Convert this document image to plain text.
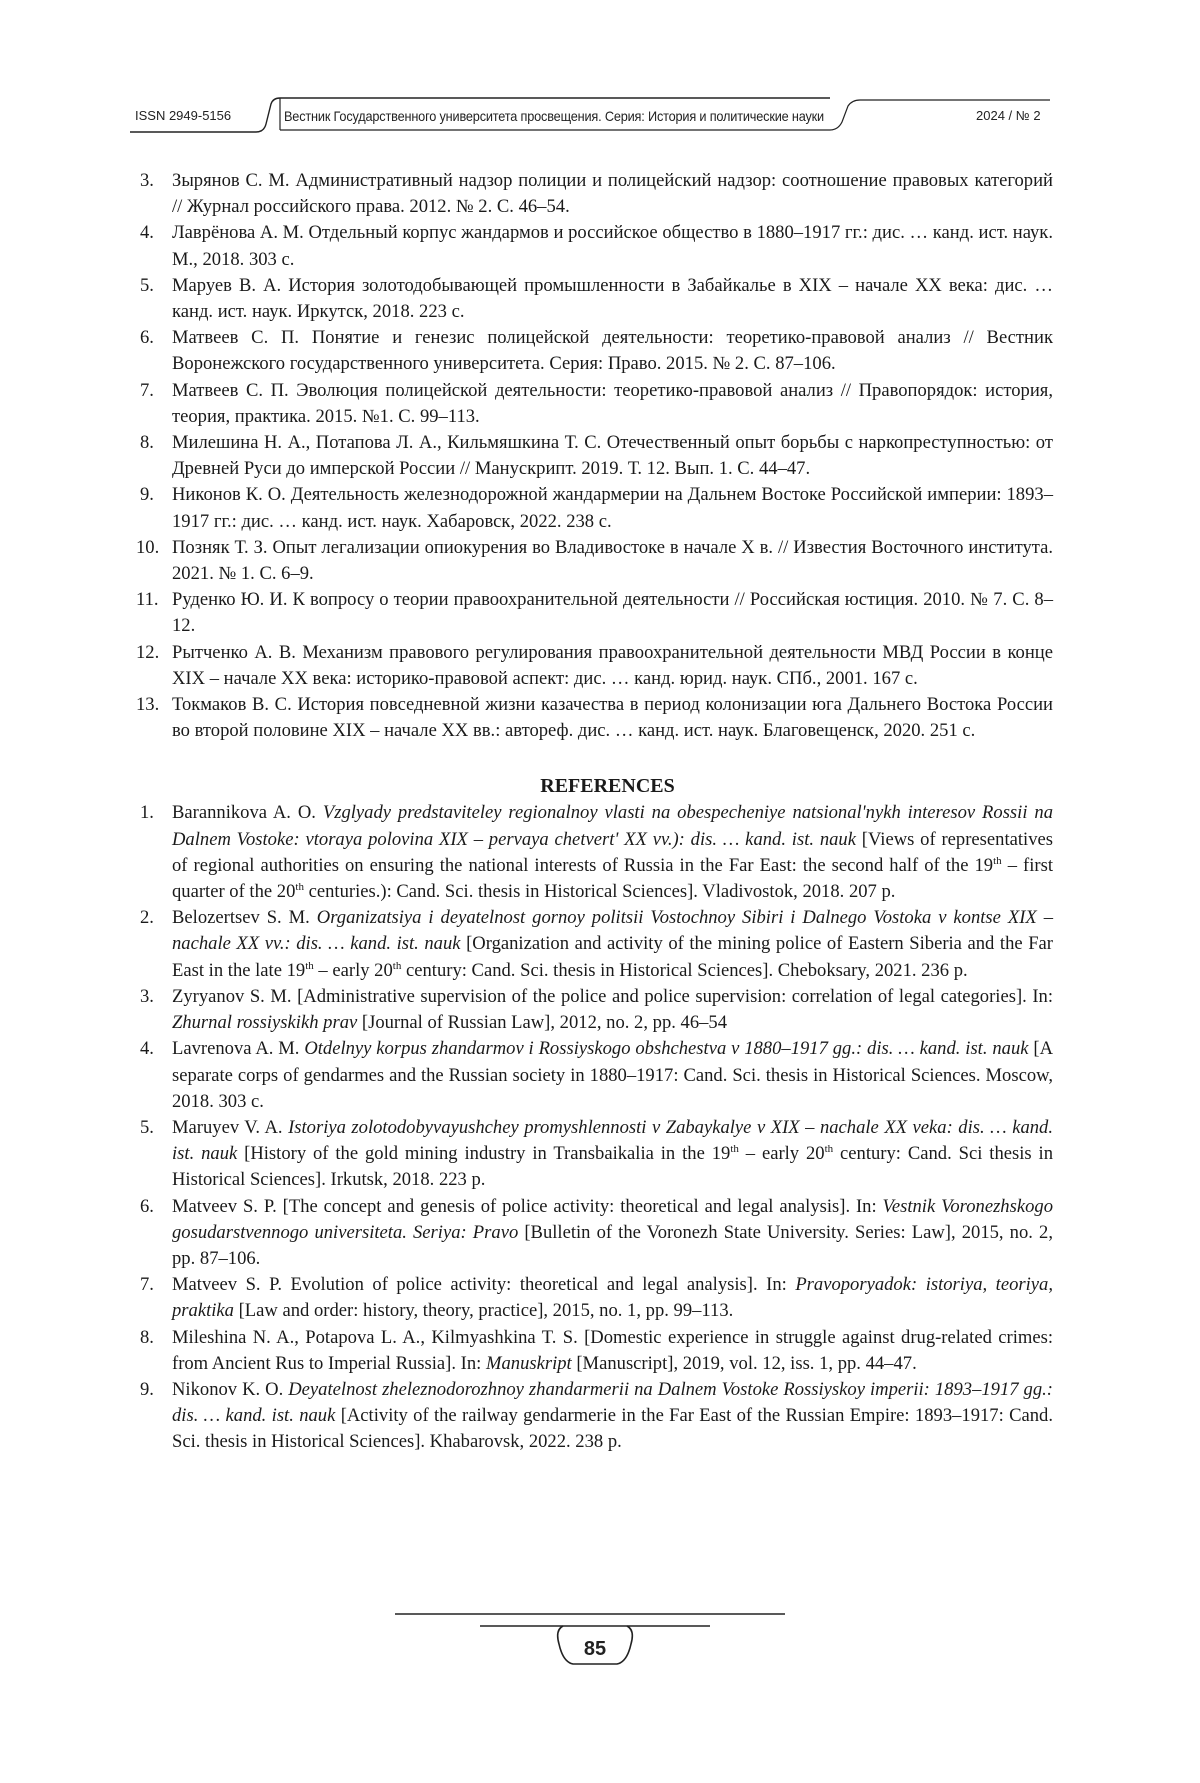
ISSN 2949-5156	Вестник Государственного университета просвещения. Серия: История и политические науки	2024 / № 2
3. Зырянов С. М. Административный надзор полиции и полицейский надзор: соотношение правовых категорий // Журнал российского права. 2012. № 2. С. 46–54.
4. Лаврёнова А. М. Отдельный корпус жандармов и российское общество в 1880–1917 гг.: дис. … канд. ист. наук. М., 2018. 303 с.
5. Маруев В. А. История золотодобывающей промышленности в Забайкалье в XIX – начале XX века: дис. … канд. ист. наук. Иркутск, 2018. 223 с.
6. Матвеев С. П. Понятие и генезис полицейской деятельности: теоретико-правовой анализ // Вестник Воронежского государственного университета. Серия: Право. 2015. № 2. С. 87–106.
7. Матвеев С. П. Эволюция полицейской деятельности: теоретико-правовой анализ // Правопорядок: история, теория, практика. 2015. №1. С. 99–113.
8. Милешина Н. А., Потапова Л. А., Кильмяшкина Т. С. Отечественный опыт борьбы с наркопреступностью: от Древней Руси до имперской России // Манускрипт. 2019. Т. 12. Вып. 1. С. 44–47.
9. Никонов К. О. Деятельность железнодорожной жандармерии на Дальнем Востоке Российской империи: 1893–1917 гг.: дис. … канд. ист. наук. Хабаровск, 2022. 238 с.
10. Позняк Т. З. Опыт легализации опиокурения во Владивостоке в начале Х в. // Известия Восточного института. 2021. № 1. С. 6–9.
11. Руденко Ю. И. К вопросу о теории правоохранительной деятельности // Российская юстиция. 2010. № 7. С. 8–12.
12. Рытченко А. В. Механизм правового регулирования правоохранительной деятельности МВД России в конце XIX – начале XX века: историко-правовой аспект: дис. … канд. юрид. наук. СПб., 2001. 167 с.
13. Токмаков В. С. История повседневной жизни казачества в период колонизации юга Дальнего Востока России во второй половине XIX – начале XX вв.: автореф. дис. … канд. ист. наук. Благовещенск, 2020. 251 с.
REFERENCES
1. Barannikova A. O. Vzglyady predstaviteley regionalnoy vlasti na obespecheniye natsional'nykh interesov Rossii na Dalnem Vostoke: vtoraya polovina XIX – pervaya chetvert' XX vv.): dis. … kand. ist. nauk [Views of representatives of regional authorities on ensuring the national interests of Russia in the Far East: the second half of the 19th – first quarter of the 20th centuries.): Cand. Sci. thesis in Historical Sciences]. Vladivostok, 2018. 207 p.
2. Belozertsev S. M. Organizatsiya i deyatelnost gornoy politsii Vostochnoy Sibiri i Dalnego Vostoka v kontse XIX – nachale XX vv.: dis. … kand. ist. nauk [Organization and activity of the mining police of Eastern Siberia and the Far East in the late 19th – early 20th century: Cand. Sci. thesis in Historical Sciences]. Cheboksary, 2021. 236 p.
3. Zyryanov S. M. [Administrative supervision of the police and police supervision: correlation of legal categories]. In: Zhurnal rossiyskikh prav [Journal of Russian Law], 2012, no. 2, pp. 46–54
4. Lavrenova A. M. Otdelnyy korpus zhandarmov i Rossiyskogo obshchestva v 1880–1917 gg.: dis. … kand. ist. nauk [A separate corps of gendarmes and the Russian society in 1880–1917: Cand. Sci. thesis in Historical Sciences. Moscow, 2018. 303 c.
5. Maruyev V. A. Istoriya zolotodobyvayushchey promyshlennosti v Zabaykalye v XIX – nachale XX veka: dis. … kand. ist. nauk [History of the gold mining industry in Transbaikalia in the 19th – early 20th century: Cand. Sci thesis in Historical Sciences]. Irkutsk, 2018. 223 p.
6. Matveev S. P. [The concept and genesis of police activity: theoretical and legal analysis]. In: Vestnik Voronezhskogo gosudarstvennogo universiteta. Seriya: Pravo [Bulletin of the Voronezh State University. Series: Law], 2015, no. 2, pp. 87–106.
7. Matveev S. P. Evolution of police activity: theoretical and legal analysis]. In: Pravoporyadok: istoriya, teoriya, praktika [Law and order: history, theory, practice], 2015, no. 1, pp. 99–113.
8. Mileshina N. A., Potapova L. A., Kilmyashkina T. S. [Domestic experience in struggle against drug-related crimes: from Ancient Rus to Imperial Russia]. In: Manuskript [Manuscript], 2019, vol. 12, iss. 1, pp. 44–47.
9. Nikonov K. O. Deyatelnost zheleznodorozhnoy zhandarmerii na Dalnem Vostoke Rossiyskoy imperii: 1893–1917 gg.: dis. … kand. ist. nauk [Activity of the railway gendarmerie in the Far East of the Russian Empire: 1893–1917: Cand. Sci. thesis in Historical Sciences]. Khabarovsk, 2022. 238 p.
85
